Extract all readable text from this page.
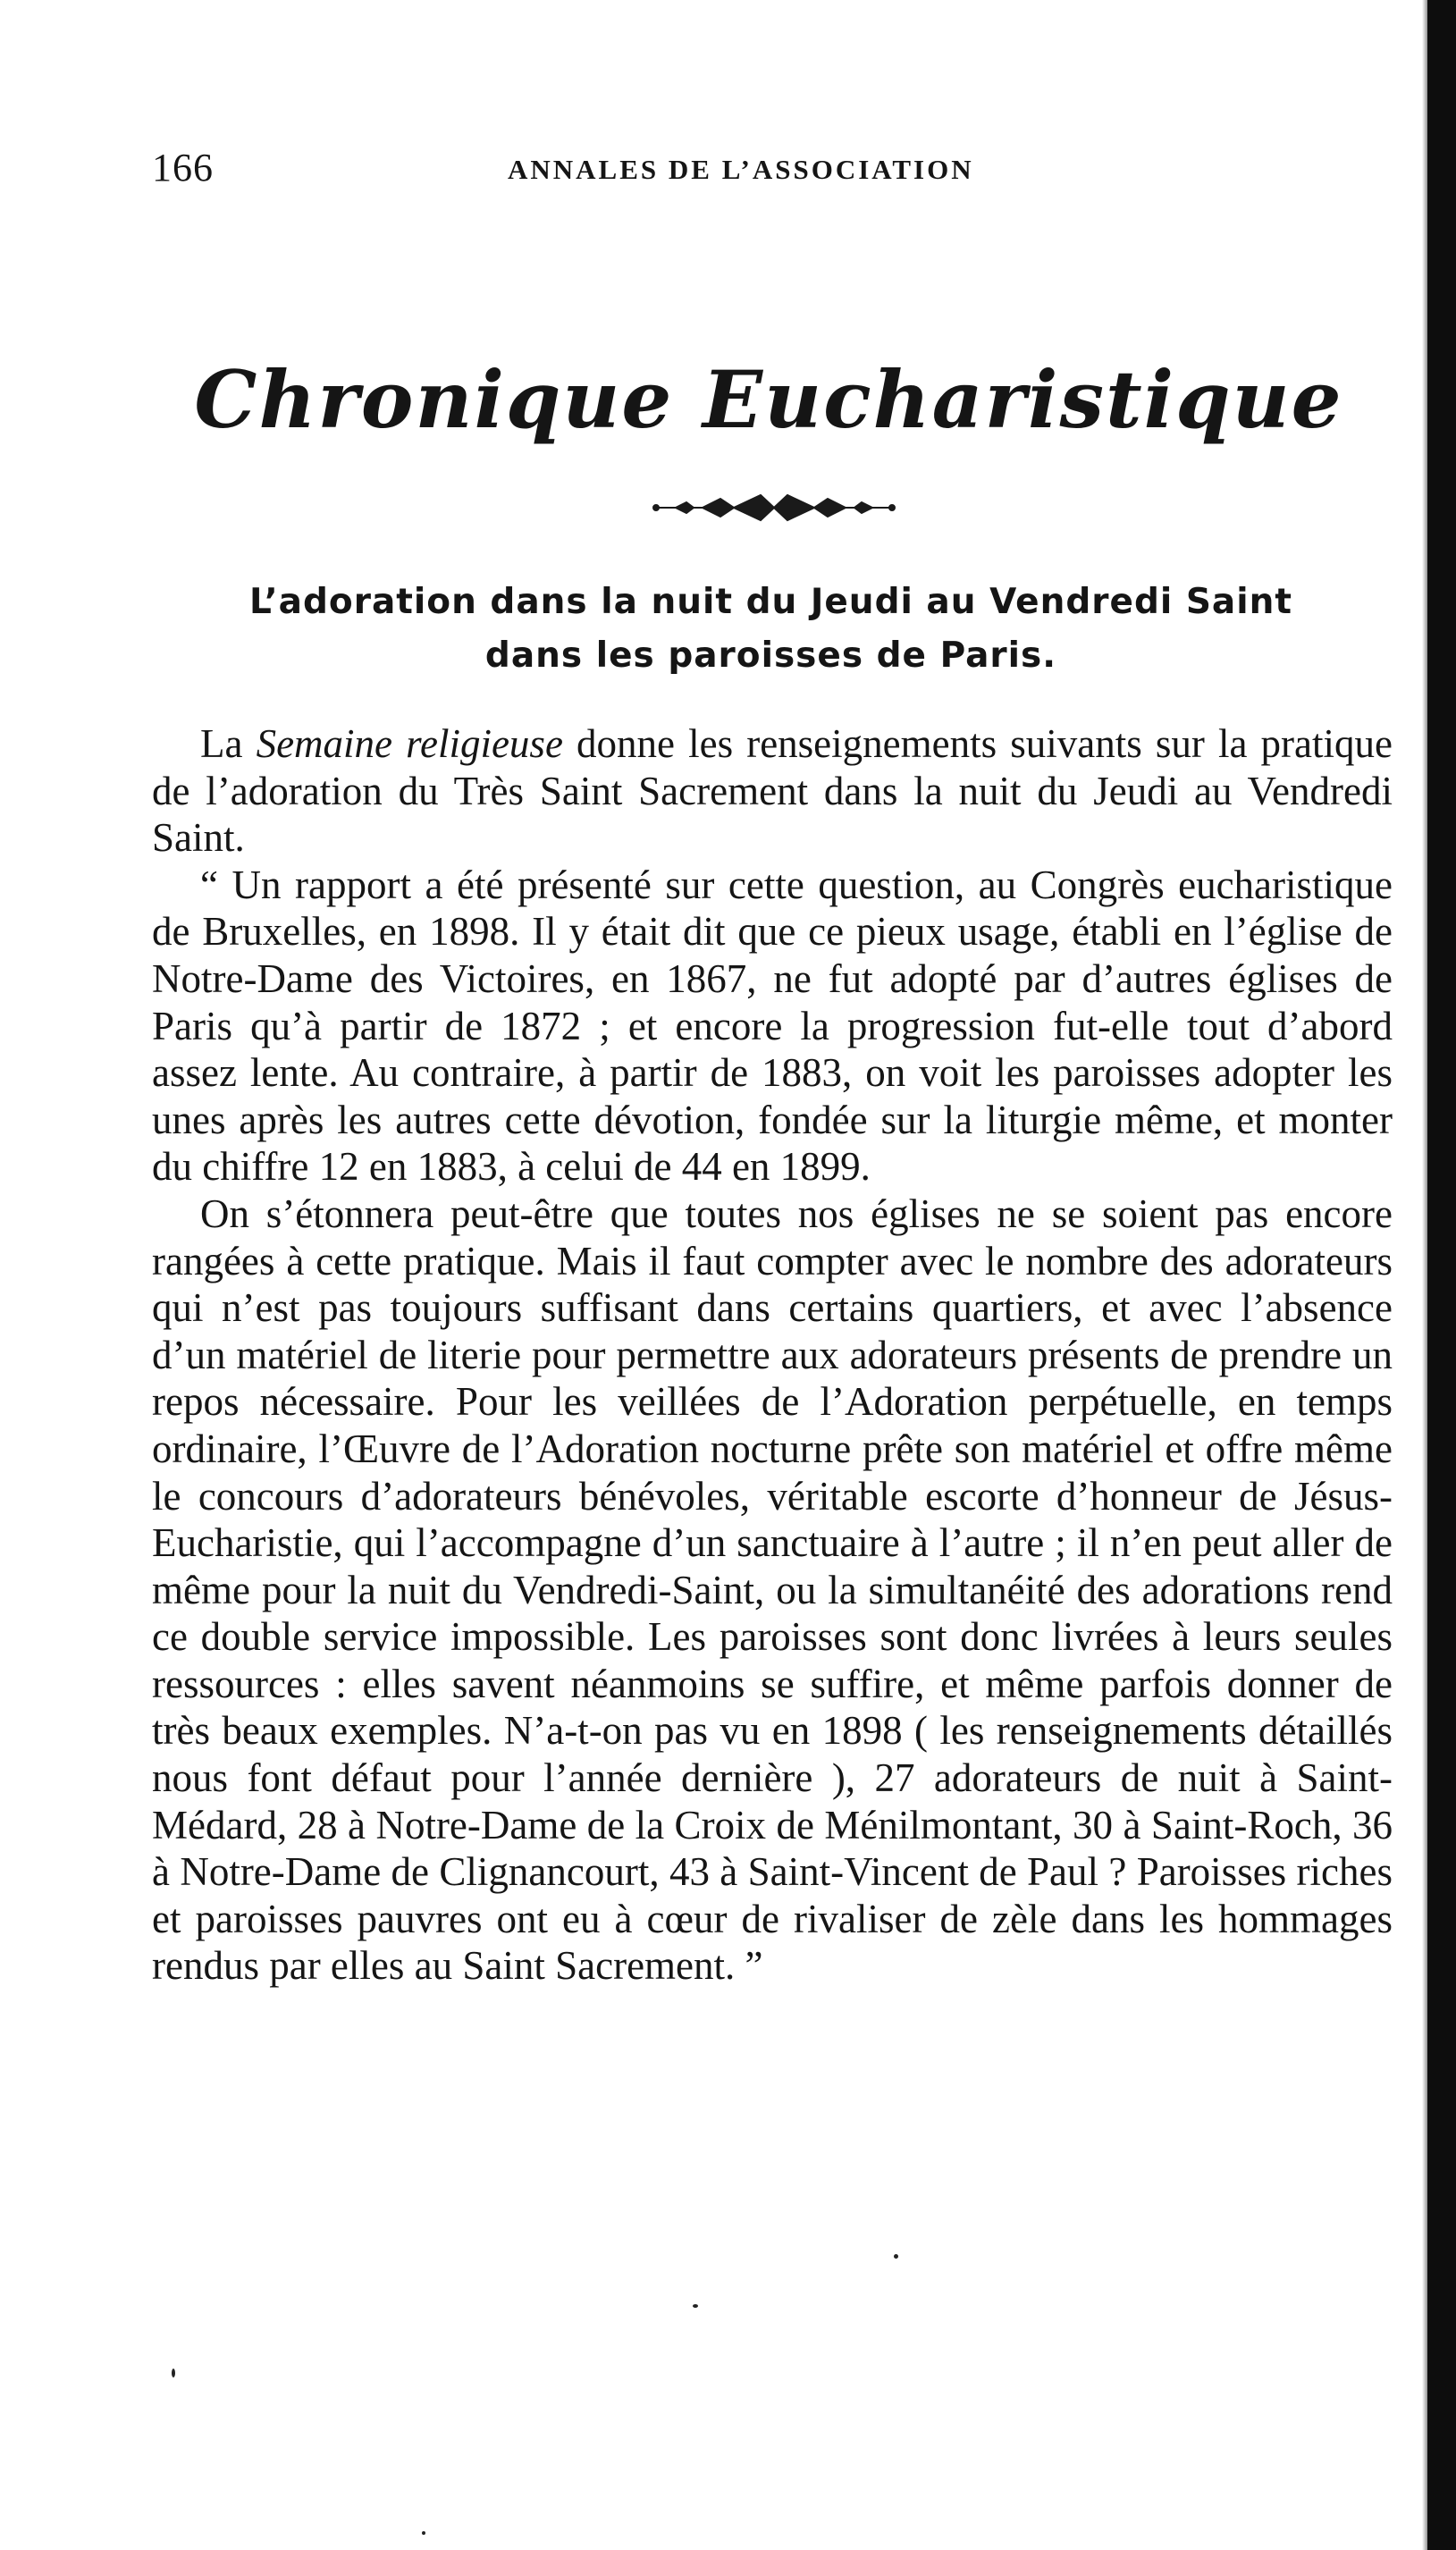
166	ANNALES DE L’ASSOCIATION
Chronique Eucharistique
L’adoration dans la nuit du Jeudi au Vendredi Saint
dans les paroisses de Paris.

La Semaine religieuse donne les renseignements suivants sur la pratique de l’adoration du Très Saint Sacrement dans la nuit du Jeudi au Vendredi Saint.

“ Un rapport a été présenté sur cette question, au Congrès eucharistique de Bruxelles, en 1898. Il y était dit que ce pieux usage, établi en l’église de Notre-Dame des Victoires, en 1867, ne fut adopté par d’autres églises de Paris qu’à partir de 1872 ; et encore la progression fut-elle tout d’abord assez lente. Au contraire, à partir de 1883, on voit les paroisses adopter les unes après les autres cette dévotion, fondée sur la liturgie même, et monter du chiffre 12 en 1883, à celui de 44 en 1899.

On s’étonnera peut-être que toutes nos églises ne se soient pas encore rangées à cette pratique. Mais il faut compter avec le nombre des adorateurs qui n’est pas toujours suffisant dans certains quartiers, et avec l’absence d’un matériel de literie pour permettre aux adorateurs présents de prendre un repos nécessaire. Pour les veillées de l’Adoration perpétuelle, en temps ordinaire, l’Œuvre de l’Adoration nocturne prête son matériel et offre même le concours d’adorateurs bénévoles, véritable escorte d’honneur de Jésus-Eucharistie, qui l’accompagne d’un sanctuaire à l’autre ; il n’en peut aller de même pour la nuit du Vendredi-Saint, ou la simultanéité des adorations rend ce double service impossible. Les paroisses sont donc livrées à leurs seules ressources : elles savent néanmoins se suffire, et même parfois donner de très beaux exemples. N’a-t-on pas vu en 1898 ( les renseignements détaillés nous font défaut pour l’année dernière ), 27 adorateurs de nuit à Saint-Médard, 28 à Notre-Dame de la Croix de Ménilmontant, 30 à Saint-Roch, 36 à Notre-Dame de Clignancourt, 43 à Saint-Vincent de Paul ? Paroisses riches et paroisses pauvres ont eu à cœur de rivaliser de zèle dans les hommages rendus par elles au Saint Sacrement. ”
